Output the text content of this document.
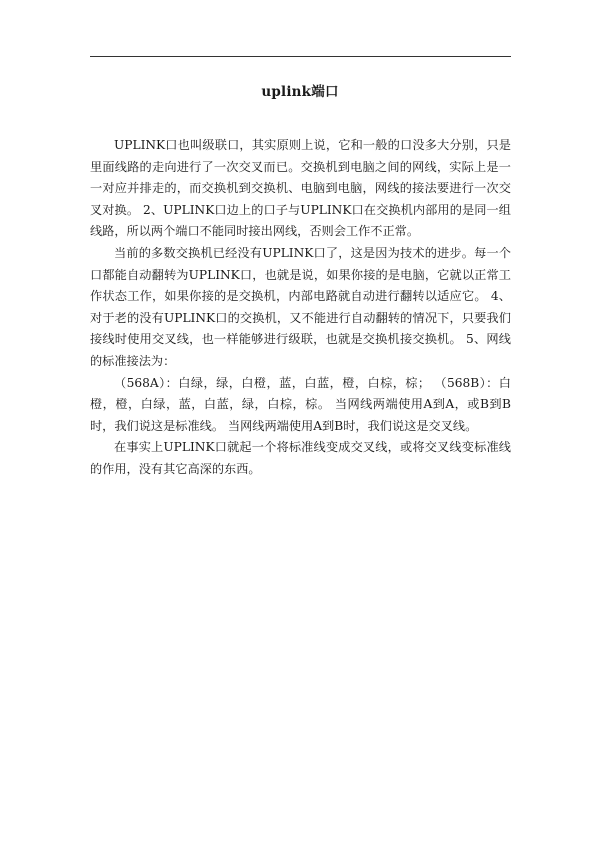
uplink端口

UPLINK口也叫级联口，其实原则上说，它和一般的口没多大分别，只是里面线路的走向进行了一次交叉而已。交换机到电脑之间的网线，实际上是一一对应并排走的，而交换机到交换机、电脑到电脑，网线的接法要进行一次交叉对换。 2、UPLINK口边上的口子与UPLINK口在交换机内部用的是同一组线路，所以两个端口不能同时接出网线，否则会工作不正常。

当前的多数交换机已经没有UPLINK口了，这是因为技术的进步。每一个口都能自动翻转为UPLINK口，也就是说，如果你接的是电脑，它就以正常工作状态工作，如果你接的是交换机，内部电路就自动进行翻转以适应它。 4、对于老的没有UPLINK口的交换机，又不能进行自动翻转的情况下，只要我们接线时使用交叉线，也一样能够进行级联，也就是交换机接交换机。 5、网线的标准接法为：

（568A）：白绿，绿，白橙，蓝，白蓝，橙，白棕，棕； （568B）：白橙，橙，白绿，蓝，白蓝，绿，白棕，棕。 当网线两端使用A到A，或B到B时，我们说这是标准线。 当网线两端使用A到B时，我们说这是交叉线。

在事实上UPLINK口就起一个将标准线变成交叉线，或将交叉线变标准线的作用，没有其它高深的东西。
